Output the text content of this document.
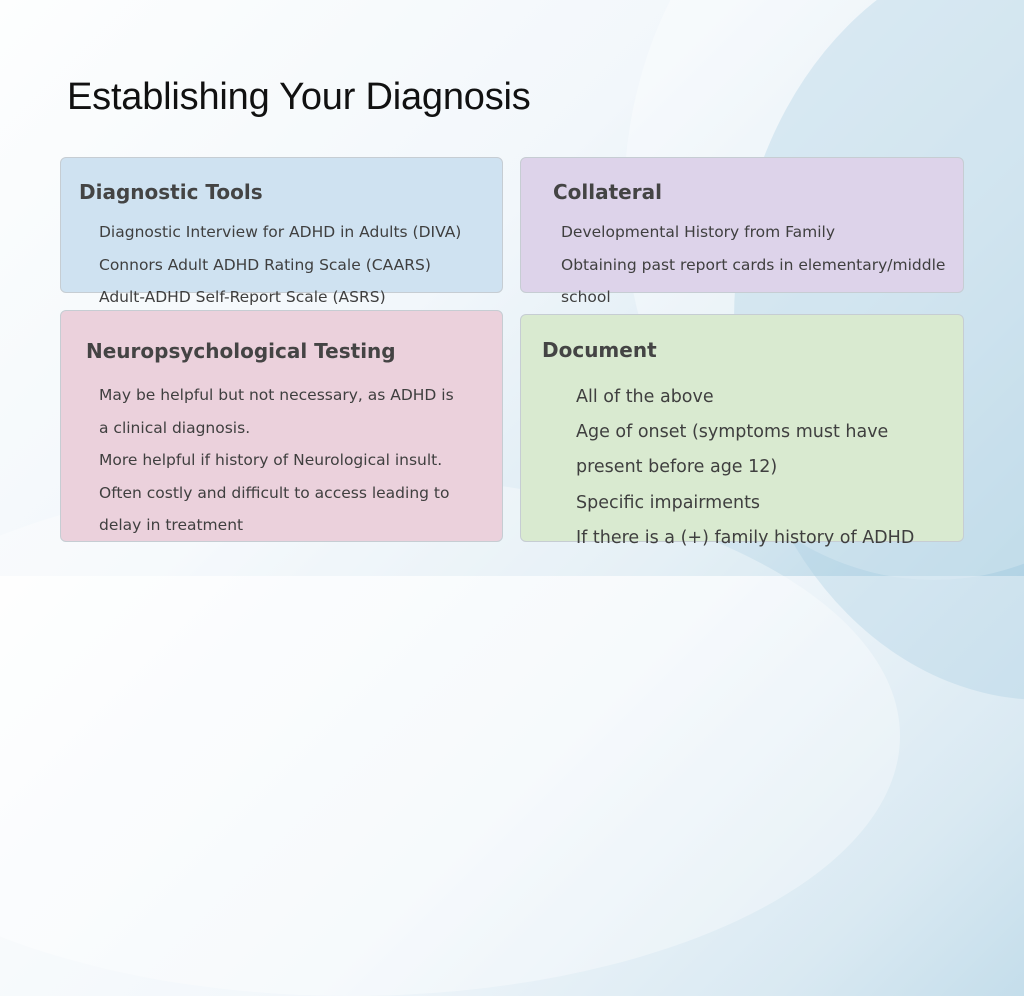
Establishing Your Diagnosis
Diagnostic Tools
Diagnostic Interview for ADHD in Adults (DIVA)
Connors Adult ADHD Rating Scale (CAARS)
Adult-ADHD Self-Report Scale (ASRS)
Collateral
Developmental History from Family
Obtaining past report cards in elementary/middle
school
Neuropsychological Testing
May be helpful but not necessary, as ADHD is
a clinical diagnosis.
More helpful if history of Neurological insult.
Often costly and difficult to access leading to
delay in treatment
Document
All of the above
Age of onset (symptoms must have
present before age 12)
Specific impairments
If there is a (+) family history of ADHD
